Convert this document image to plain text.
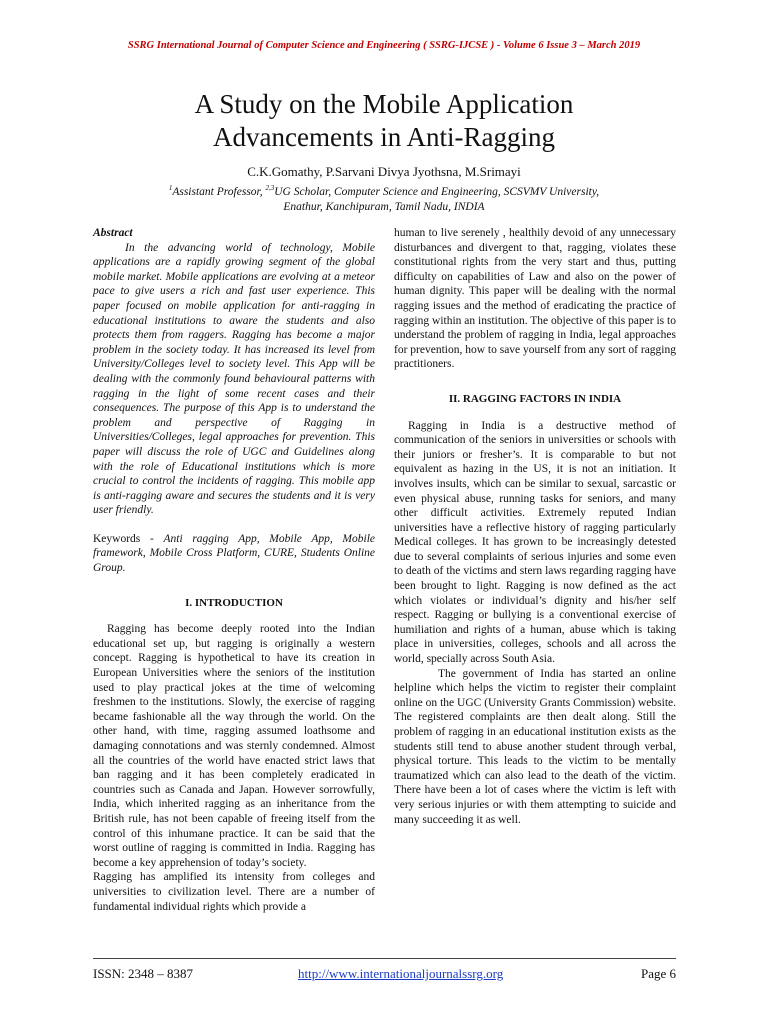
SSRG International Journal of Computer Science and Engineering ( SSRG-IJCSE ) - Volume 6 Issue 3 – March 2019
A Study on the Mobile Application
Advancements in Anti-Ragging
C.K.Gomathy, P.Sarvani Divya Jyothsna, M.Srimayi
$^1$Assistant Professor, $^{2,3}$UG Scholar, Computer Science and Engineering, SCSVMV University,
Enathur, Kanchipuram, Tamil Nadu, INDIA

Abstract

In the advancing world of technology, Mobile applications are a rapidly growing segment of the global mobile market. Mobile applications are evolving at a meteor pace to give users a rich and fast user experience. This paper focused on mobile application for anti-ragging in educational institutions to aware the students and also protects them from raggers. Ragging has become a major problem in the society today. It has increased its level from University/Colleges level to society level. This App will be dealing with the commonly found behavioural patterns with ragging in the light of some recent cases and their consequences. The purpose of this App is to understand the problem and perspective of Ragging in Universities/Colleges, legal approaches for prevention. This paper will discuss the role of UGC and Guidelines along with the role of Educational institutions which is more crucial to control the incidents of ragging. This mobile app is anti-ragging aware and secures the students and it is very user friendly.

Keywords - Anti ragging App, Mobile App, Mobile framework, Mobile Cross Platform, CURE, Students Online Group.

I. INTRODUCTION

Ragging has become deeply rooted into the Indian educational set up, but ragging is originally a western concept. Ragging is hypothetical to have its creation in European Universities where the seniors of the institution used to play practical jokes at the time of welcoming freshmen to the institutions. Slowly, the exercise of ragging became fashionable all the way through the world. On the other hand, with time, ragging assumed loathsome and damaging connotations and was sternly condemned. Almost all the countries of the world have enacted strict laws that ban ragging and it has been completely eradicated in countries such as Canada and Japan. However sorrowfully, India, which inherited ragging as an inheritance from the British rule, has not been capable of freeing itself from the control of this inhumane practice. It can be said that the worst outline of ragging is committed in India. Ragging has become a key apprehension of today’s society.

Ragging has amplified its intensity from colleges and universities to civilization level. There are a number of fundamental individual rights which provide a

human to live serenely , healthily devoid of any unnecessary disturbances and divergent to that, ragging, violates these constitutional rights from the very start and thus, putting difficulty on capabilities of Law and also on the power of human dignity. This paper will be dealing with the normal ragging issues and the method of eradicating the practice of ragging within an institution. The objective of this paper is to understand the problem of ragging in India, legal approaches for prevention, how to save yourself from any sort of ragging practitioners.

II. RAGGING FACTORS IN INDIA

Ragging in India is a destructive method of communication of the seniors in universities or schools with their juniors or fresher’s. It is comparable to but not equivalent as hazing in the US, it is not an initiation. It involves insults, which can be similar to sexual, sarcastic or even physical abuse, running tasks for seniors, and many other difficult activities. Extremely reputed Indian universities have a reflective history of ragging particularly Medical colleges. It has grown to be increasingly detested due to several complaints of serious injuries and some even to death of the victims and stern laws regarding ragging have been brought to light. Ragging is now defined as the act which violates or individual’s dignity and his/her self respect. Ragging or bullying is a conventional exercise of humiliation and rights of a human, abuse which is taking place in universities, colleges, schools and all across the world, specially across South Asia.

The government of India has started an online helpline which helps the victim to register their complaint online on the UGC (University Grants Commission) website. The registered complaints are then dealt along. Still the problem of ragging in an educational institution exists as the students still tend to abuse another student through verbal, physical torture. This leads to the victim to be mentally traumatized which can also lead to the death of the victim. There have been a lot of cases where the victim is left with very serious injuries or with them attempting to suicide and many succeeding it as well.

ISSN: 2348 – 8387	http://www.internationaljournalssrg.org	Page 6
